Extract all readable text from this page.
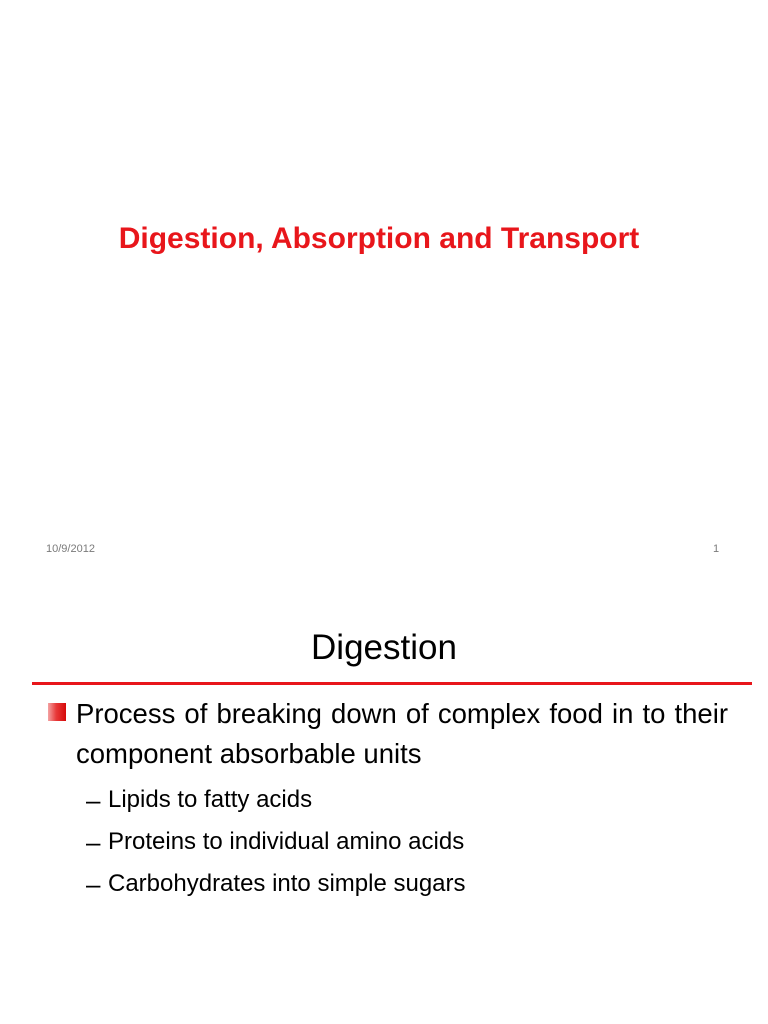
Digestion, Absorption and Transport
10/9/2012	1
Digestion
Process of breaking down of complex food in to their component absorbable units
– Lipids to fatty acids
– Proteins to individual amino acids
– Carbohydrates into simple sugars
